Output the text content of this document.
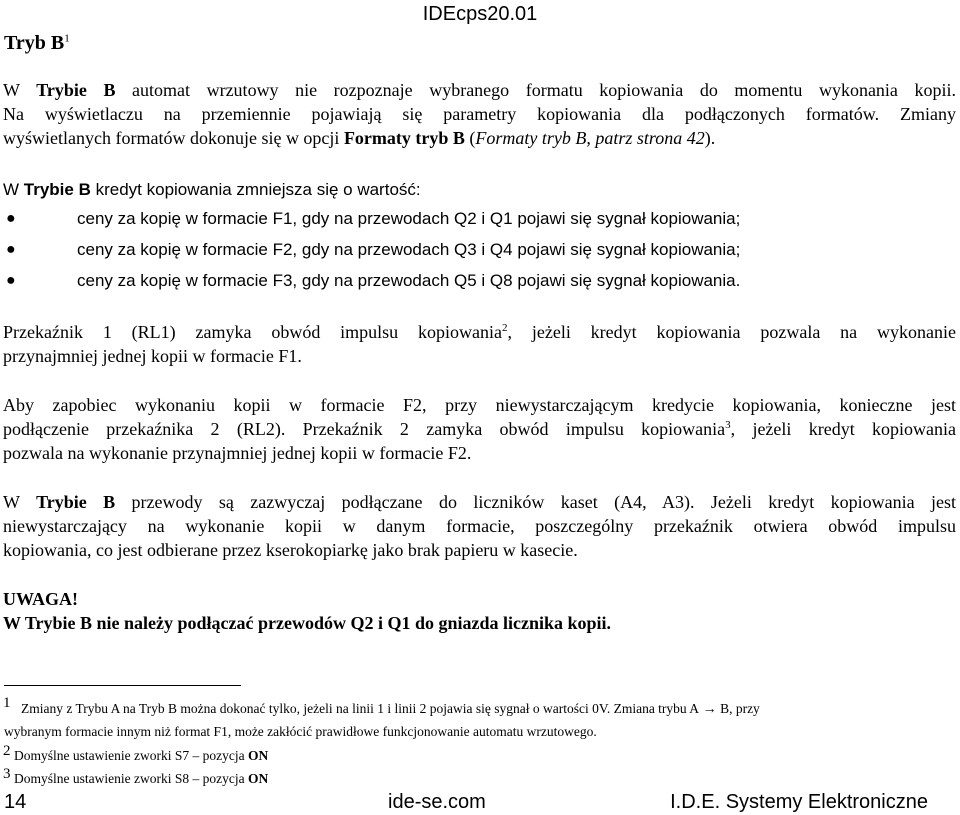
IDEcps20.01
Tryb $B^1$
W Trybie B automat wrzutowy nie rozpoznaje wybranego formatu kopiowania do momentu wykonania kopii.
Na wyświetlaczu na przemiennie pojawiają się parametry kopiowania dla podłączonych formatów. Zmiany
wyświetlanych formatów dokonuje się w opcji Formaty tryb B (Formaty tryb B, patrz strona 42).
W Trybie B kredyt kopiowania zmniejsza się o wartość:
●	ceny za kopię w formacie F1, gdy na przewodach Q2 i Q1 pojawi się sygnał kopiowania;
●	ceny za kopię w formacie F2, gdy na przewodach Q3 i Q4 pojawi się sygnał kopiowania;
●	ceny za kopię w formacie F3, gdy na przewodach Q5 i Q8 pojawi się sygnał kopiowania.
Przekaźnik 1 (RL1) zamyka obwód impulsu kopiowania$^2$, jeżeli kredyt kopiowania pozwala na wykonanie
przynajmniej jednej kopii w formacie F1.
Aby zapobiec wykonaniu kopii w formacie F2, przy niewystarczającym kredycie kopiowania, konieczne jest
podłączenie przekaźnika 2 (RL2). Przekaźnik 2 zamyka obwód impulsu kopiowania$^3$, jeżeli kredyt kopiowania
pozwala na wykonanie przynajmniej jednej kopii w formacie F2.
W Trybie B przewody są zazwyczaj podłączane do liczników kaset (A4, A3). Jeżeli kredyt kopiowania jest
niewystarczający na wykonanie kopii w danym formacie, poszczególny przekaźnik otwiera obwód impulsu
kopiowania, co jest odbierane przez kserokopiarkę jako brak papieru w kasecie.
UWAGA!
W Trybie B nie należy podłączać przewodów Q2 i Q1 do gniazda licznika kopii.
1 Zmiany z Trybu A na Tryb B można dokonać tylko, jeżeli na linii 1 i linii 2 pojawia się sygnał o wartości 0V. Zmiana trybu A → B, przy
wybranym formacie innym niż format F1, może zakłócić prawidłowe funkcjonowanie automatu wrzutowego.
2 Domyślne ustawienie zworki S7 – pozycja ON
3 Domyślne ustawienie zworki S8 – pozycja ON
14	ide-se.com	I.D.E. Systemy Elektroniczne
